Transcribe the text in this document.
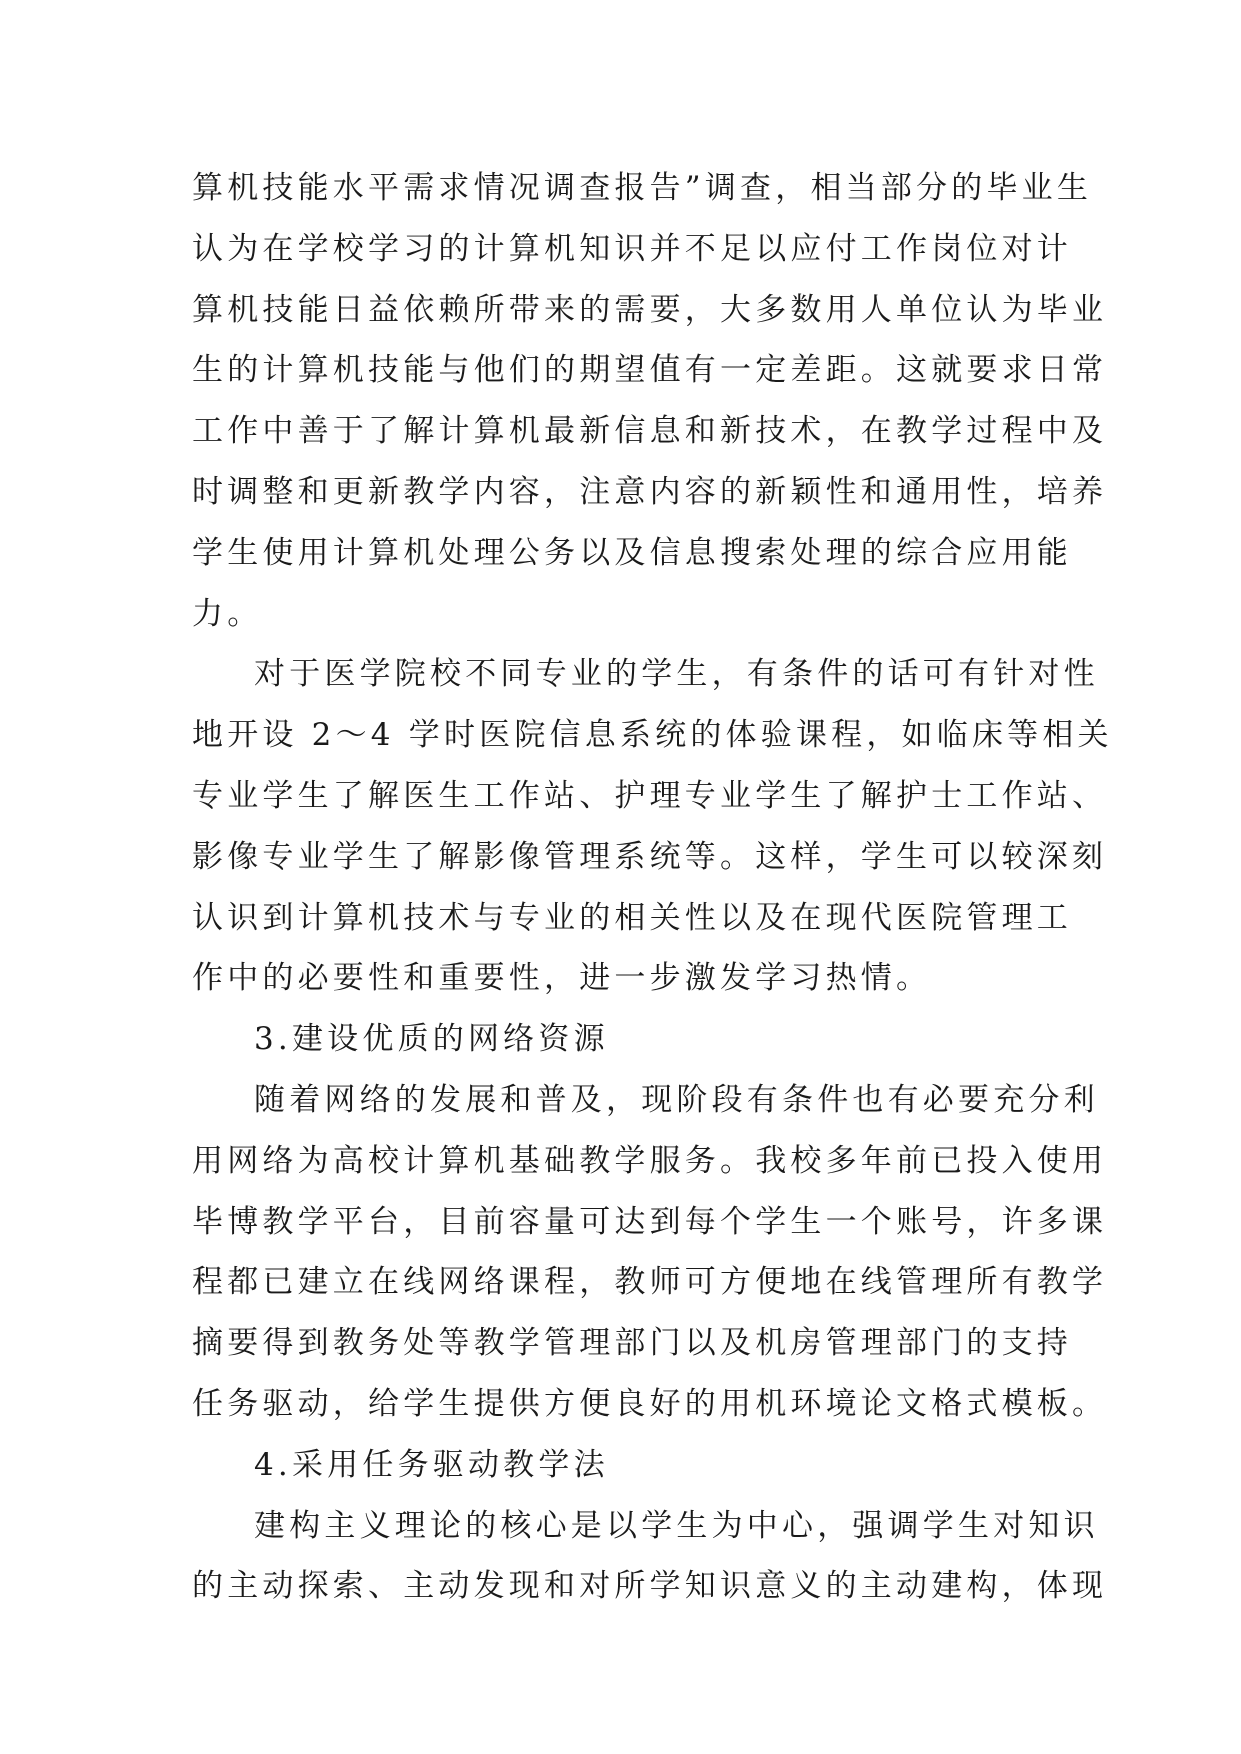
算机技能水平需求情况调查报告”调查，相当部分的毕业生
认为在学校学习的计算机知识并不足以应付工作岗位对计
算机技能日益依赖所带来的需要，大多数用人单位认为毕业
生的计算机技能与他们的期望值有一定差距。这就要求日常
工作中善于了解计算机最新信息和新技术，在教学过程中及
时调整和更新教学内容，注意内容的新颖性和通用性，培养
学生使用计算机处理公务以及信息搜索处理的综合应用能
力。
对于医学院校不同专业的学生，有条件的话可有针对性
地开设 2～4 学时医院信息系统的体验课程，如临床等相关
专业学生了解医生工作站、护理专业学生了解护士工作站、
影像专业学生了解影像管理系统等。这样，学生可以较深刻
认识到计算机技术与专业的相关性以及在现代医院管理工
作中的必要性和重要性，进一步激发学习热情。
3.建设优质的网络资源
随着网络的发展和普及，现阶段有条件也有必要充分利
用网络为高校计算机基础教学服务。我校多年前已投入使用
毕博教学平台，目前容量可达到每个学生一个账号，许多课
程都已建立在线网络课程，教师可方便地在线管理所有教学
摘要得到教务处等教学管理部门以及机房管理部门的支持
任务驱动，给学生提供方便良好的用机环境论文格式模板。
4.采用任务驱动教学法
建构主义理论的核心是以学生为中心，强调学生对知识
的主动探索、主动发现和对所学知识意义的主动建构，体现
